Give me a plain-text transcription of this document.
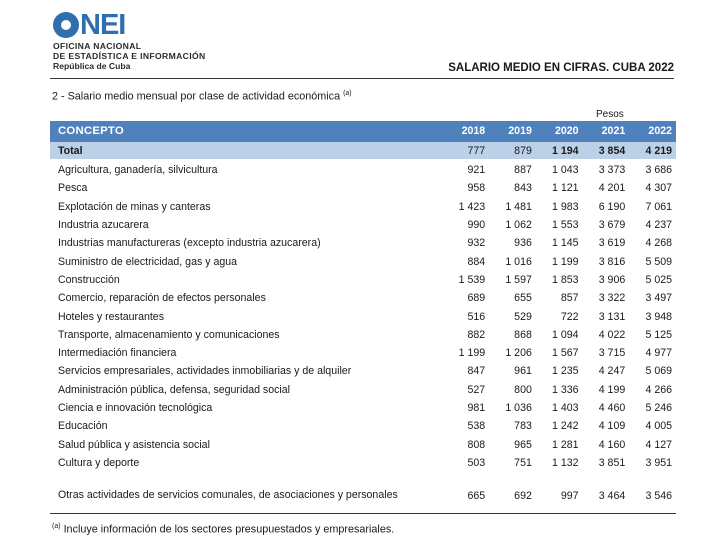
NEI
OFICINA NACIONAL
DE ESTADÍSTICA E INFORMACIÓN
República de Cuba	SALARIO MEDIO EN CIFRAS. CUBA 2022
2 - Salario medio mensual por clase de actividad económica $^{(a)}$
Pesos
CONCEPTO	2018	2019	2020	2021	2022
Total	777	879	1 194	3 854	4 219

Agricultura, ganadería, silvicultura	921	887	1 043	3 373	3 686
Pesca	958	843	1 121	4 201	4 307
Explotación de minas y canteras	1 423	1 481	1 983	6 190	7 061
Industria azucarera	990	1 062	1 553	3 679	4 237
Industrias manufactureras (excepto industria azucarera)	932	936	1 145	3 619	4 268
Suministro de electricidad, gas y agua	884	1 016	1 199	3 816	5 509
Construcción	1 539	1 597	1 853	3 906	5 025
Comercio, reparación de efectos personales	689	655	857	3 322	3 497
Hoteles y restaurantes	516	529	722	3 131	3 948
Transporte, almacenamiento y comunicaciones	882	868	1 094	4 022	5 125
Intermediación financiera	1 199	1 206	1 567	3 715	4 977
Servicios empresariales, actividades inmobiliarias y de alquiler	847	961	1 235	4 247	5 069
Administración pública, defensa, seguridad social	527	800	1 336	4 199	4 266
Ciencia e innovación tecnológica	981	1 036	1 403	4 460	5 246
Educación	538	783	1 242	4 109	4 005
Salud pública y asistencia social	808	965	1 281	4 160	4 127
Cultura y deporte	503	751	1 132	3 851	3 951
Otras actividades de servicios comunales, de asociaciones y personales	665	692	997	3 464	3 546
$^{(a)}$ Incluye información de los sectores presupuestados y empresariales.
